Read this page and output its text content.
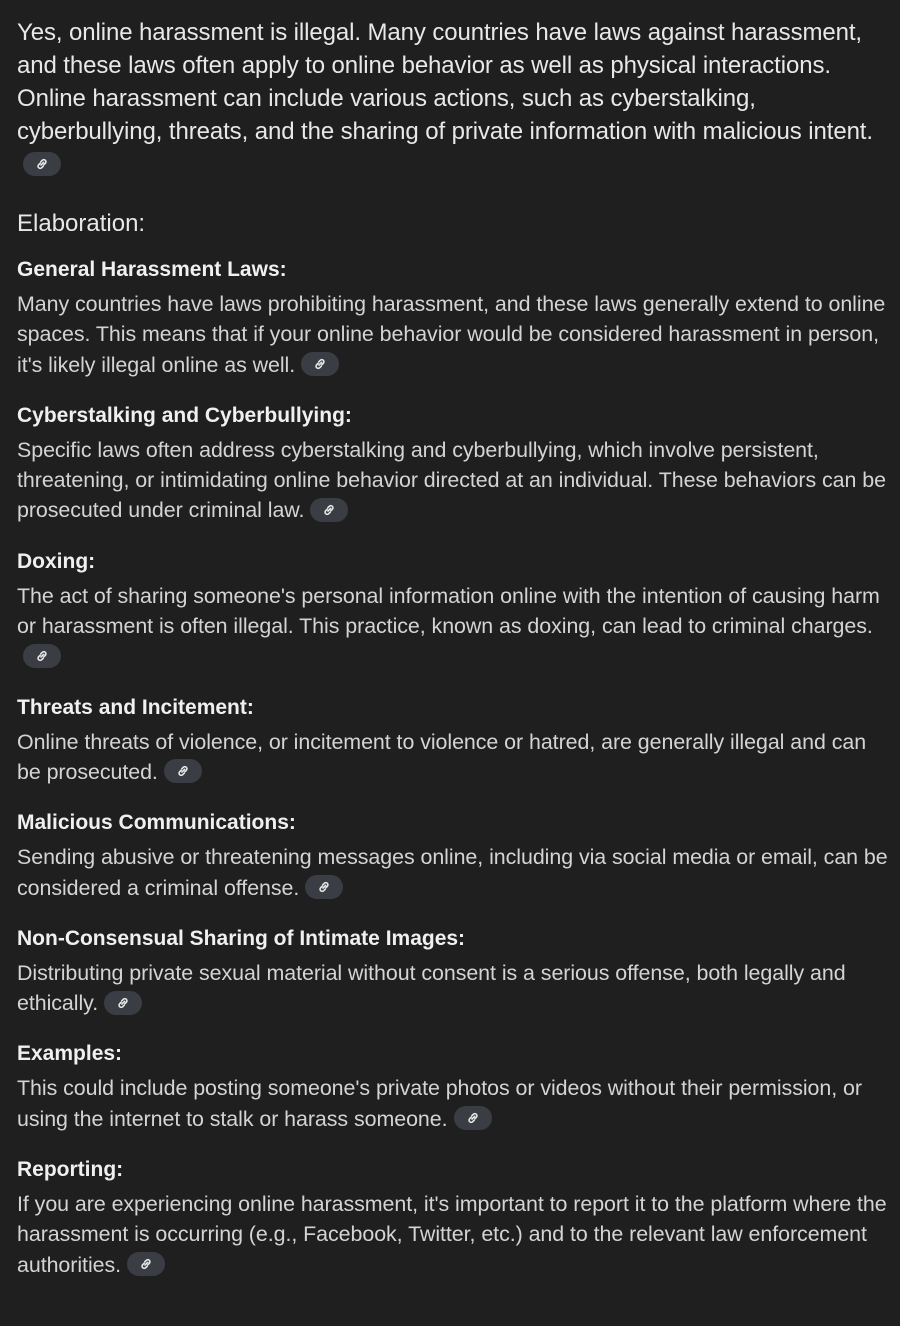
Yes, online harassment is illegal. Many countries have laws against harassment, and these laws often apply to online behavior as well as physical interactions. Online harassment can include various actions, such as cyberstalking, cyberbullying, threats, and the sharing of private information with malicious intent.

Elaboration:
General Harassment Laws:

Many countries have laws prohibiting harassment, and these laws generally extend to online spaces. This means that if your online behavior would be considered harassment in person, it's likely illegal online as well.

Cyberstalking and Cyberbullying:

Specific laws often address cyberstalking and cyberbullying, which involve persistent, threatening, or intimidating online behavior directed at an individual. These behaviors can be prosecuted under criminal law.

Doxing:

The act of sharing someone's personal information online with the intention of causing harm or harassment is often illegal. This practice, known as doxing, can lead to criminal charges.

Threats and Incitement:

Online threats of violence, or incitement to violence or hatred, are generally illegal and can be prosecuted.

Malicious Communications:

Sending abusive or threatening messages online, including via social media or email, can be considered a criminal offense.

Non-Consensual Sharing of Intimate Images:

Distributing private sexual material without consent is a serious offense, both legally and ethically.

Examples:

This could include posting someone's private photos or videos without their permission, or using the internet to stalk or harass someone.

Reporting:

If you are experiencing online harassment, it's important to report it to the platform where the harassment is occurring (e.g., Facebook, Twitter, etc.) and to the relevant law enforcement authorities.
